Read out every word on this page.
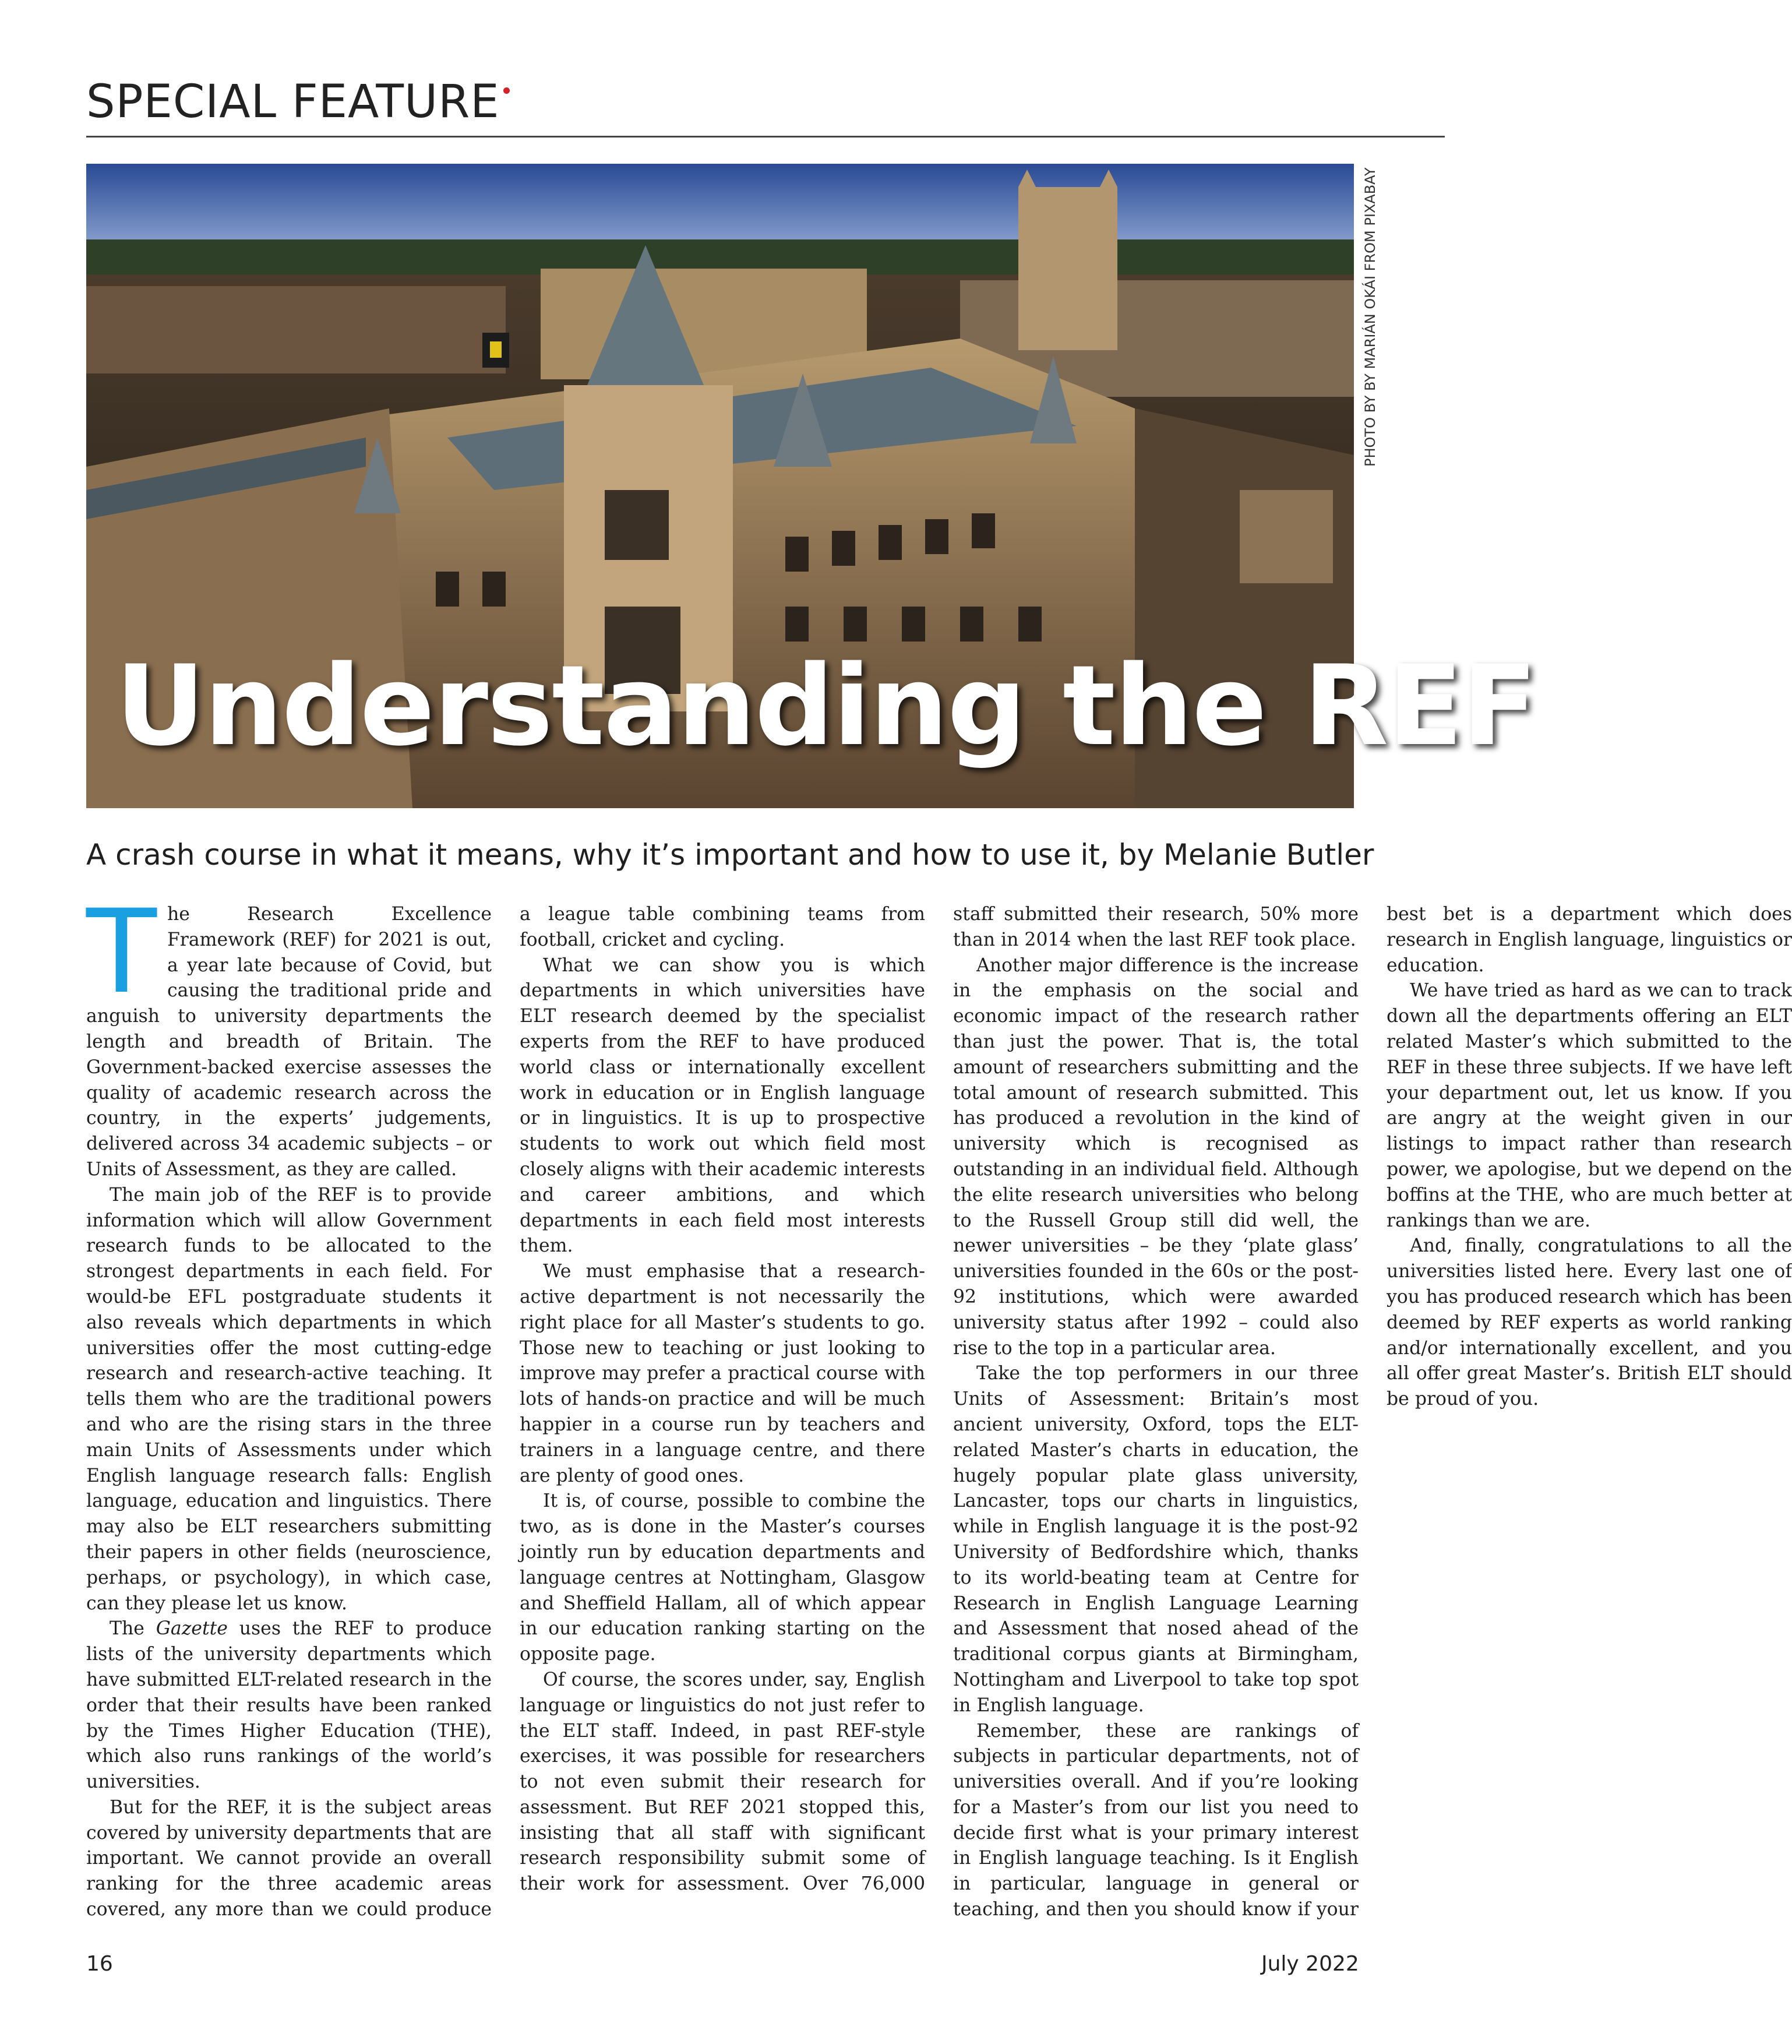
SPECIAL FEATURE
Understanding the REF
PHOTO BY BY MARIÁN OKÁI FROM PIXABAY
A crash course in what it means, why it’s important and how to use it, by Melanie Butler

The Research Excellence Framework (REF) for 2021 is out, a year late because of Covid, but causing the traditional pride and anguish to university departments the length and breadth of Britain. The Government-backed exercise assesses the quality of academic research across the country, in the experts’ judgements, delivered across 34 academic subjects – or Units of Assessment, as they are called.

The main job of the REF is to provide information which will allow Government research funds to be allocated to the strongest departments in each field. For would-be EFL postgraduate students it also reveals which departments in which universities offer the most cutting-edge research and research-active teaching. It tells them who are the traditional powers and who are the rising stars in the three main Units of Assessments under which English language research falls: English language, education and linguistics. There may also be ELT researchers submitting their papers in other fields (neuroscience, perhaps, or psychology), in which case, can they please let us know.

The Gazette uses the REF to produce lists of the university departments which have submitted ELT-related research in the order that their results have been ranked by the Times Higher Education (THE), which also runs rankings of the world’s universities.

But for the REF, it is the subject areas covered by university departments that are important. We cannot provide an overall ranking for the three academic areas covered, any more than we could produce a league table combining teams from football, cricket and cycling.

What we can show you is which departments in which universities have ELT research deemed by the specialist experts from the REF to have produced world class or internationally excellent work in education or in English language or in linguistics. It is up to prospective students to work out which field most closely aligns with their academic interests and career ambitions, and which departments in each field most interests them.

We must emphasise that a research-active department is not necessarily the right place for all Master’s students to go. Those new to teaching or just looking to improve may prefer a practical course with lots of hands-on practice and will be much happier in a course run by teachers and trainers in a language centre, and there are plenty of good ones.

It is, of course, possible to combine the two, as is done in the Master’s courses jointly run by education departments and language centres at Nottingham, Glasgow and Sheffield Hallam, all of which appear in our education ranking starting on the opposite page.

Of course, the scores under, say, English language or linguistics do not just refer to the ELT staff. Indeed, in past REF-style exercises, it was possible for researchers to not even submit their research for assessment. But REF 2021 stopped this, insisting that all staff with significant research responsibility submit some of their work for assessment. Over 76,000 staff submitted their research, 50% more than in 2014 when the last REF took place.

Another major difference is the increase in the emphasis on the social and economic impact of the research rather than just the power. That is, the total amount of researchers submitting and the total amount of research submitted. This has produced a revolution in the kind of university which is recognised as outstanding in an individual field. Although the elite research universities who belong to the Russell Group still did well, the newer universities – be they ‘plate glass’ universities founded in the 60s or the post-92 institutions, which were awarded university status after 1992 – could also rise to the top in a particular area.

Take the top performers in our three Units of Assessment: Britain’s most ancient university, Oxford, tops the ELT-related Master’s charts in education, the hugely popular plate glass university, Lancaster, tops our charts in linguistics, while in English language it is the post-92 University of Bedfordshire which, thanks to its world-beating team at Centre for Research in English Language Learning and Assessment that nosed ahead of the traditional corpus giants at Birmingham, Nottingham and Liverpool to take top spot in English language.

Remember, these are rankings of subjects in particular departments, not of universities overall. And if you’re looking for a Master’s from our list you need to decide first what is your primary interest in English language teaching. Is it English in particular, language in general or teaching, and then you should know if your best bet is a department which does research in English language, linguistics or education.

We have tried as hard as we can to track down all the departments offering an ELT related Master’s which submitted to the REF in these three subjects. If we have left your department out, let us know. If you are angry at the weight given in our listings to impact rather than research power, we apologise, but we depend on the boffins at the THE, who are much better at rankings than we are.

And, finally, congratulations to all the universities listed here. Every last one of you has produced research which has been deemed by REF experts as world ranking and/or internationally excellent, and you all offer great Master’s. British ELT should be proud of you.

16	July 2022
